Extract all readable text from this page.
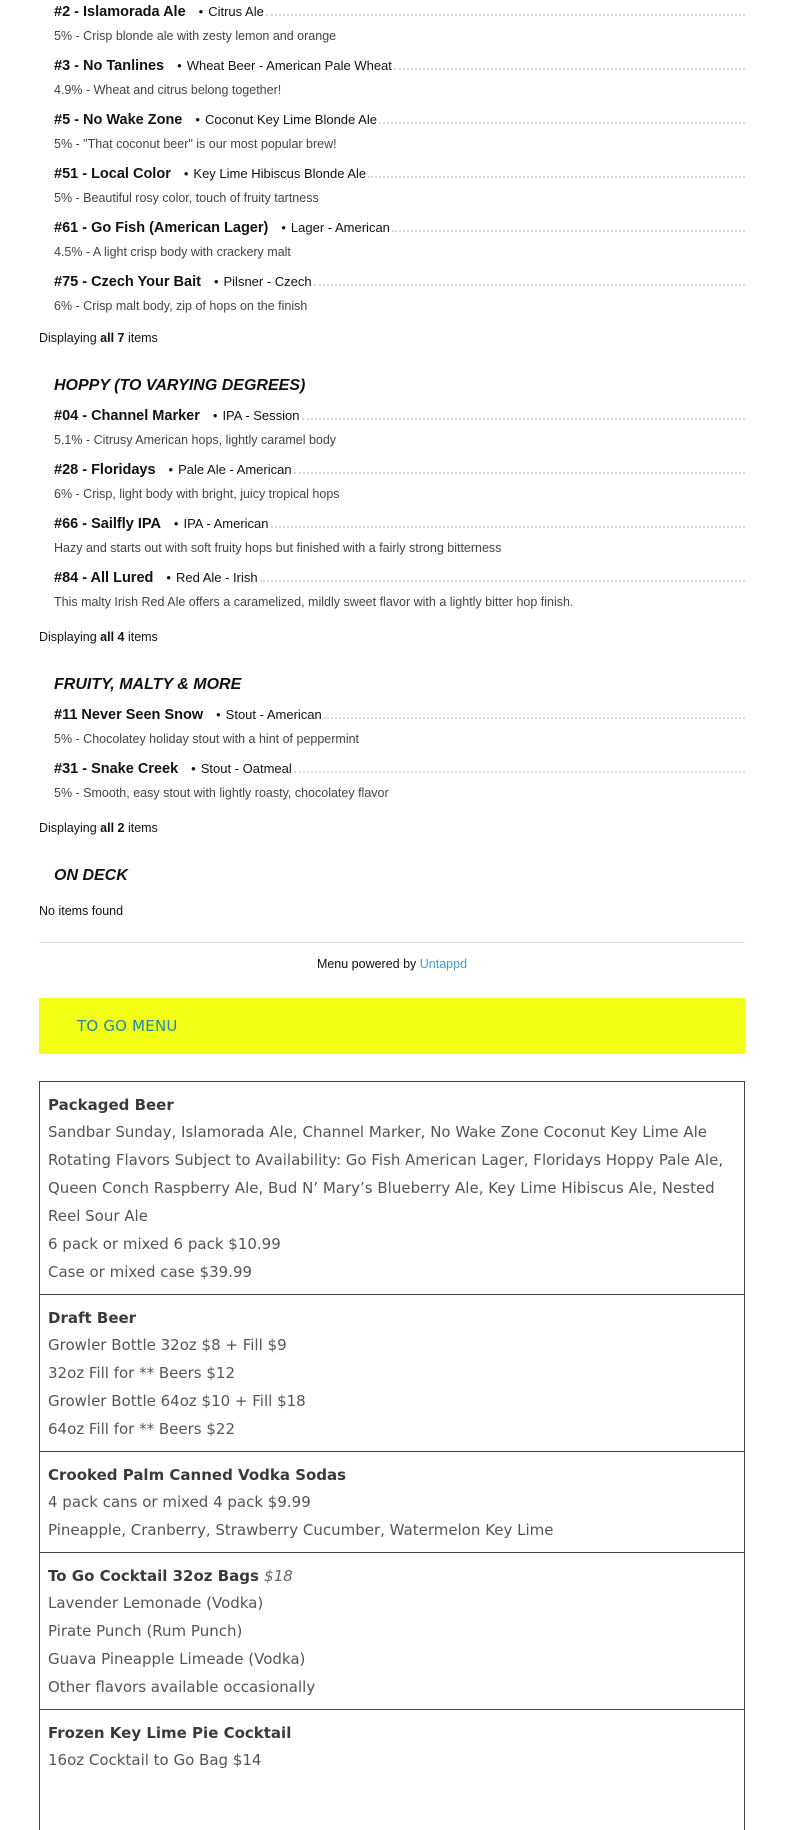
#2 - Islamorada Ale • Citrus Ale
5% - Crisp blonde ale with zesty lemon and orange
#3 - No Tanlines • Wheat Beer - American Pale Wheat
4.9% - Wheat and citrus belong together!
#5 - No Wake Zone • Coconut Key Lime Blonde Ale
5% - "That coconut beer" is our most popular brew!
#51 - Local Color • Key Lime Hibiscus Blonde Ale
5% - Beautiful rosy color, touch of fruity tartness
#61 - Go Fish (American Lager) • Lager - American
4.5% - A light crisp body with crackery malt
#75 - Czech Your Bait • Pilsner - Czech
6% - Crisp malt body, zip of hops on the finish
Displaying all 7 items
HOPPY (TO VARYING DEGREES)
#04 - Channel Marker • IPA - Session
5.1% - Citrusy American hops, lightly caramel body
#28 - Floridays • Pale Ale - American
6% - Crisp, light body with bright, juicy tropical hops
#66 - Sailfly IPA • IPA - American
Hazy and starts out with soft fruity hops but finished with a fairly strong bitterness
#84 - All Lured • Red Ale - Irish
This malty Irish Red Ale offers a caramelized, mildly sweet flavor with a lightly bitter hop finish.
Displaying all 4 items
FRUITY, MALTY & MORE
#11 Never Seen Snow • Stout - American
5% - Chocolatey holiday stout with a hint of peppermint
#31 - Snake Creek • Stout - Oatmeal
5% - Smooth, easy stout with lightly roasty, chocolatey flavor
Displaying all 2 items
ON DECK
No items found
Menu powered by Untappd
TO GO MENU
Packaged Beer
Sandbar Sunday, Islamorada Ale, Channel Marker, No Wake Zone Coconut Key Lime Ale
Rotating Flavors Subject to Availability: Go Fish American Lager, Floridays Hoppy Pale Ale, Queen Conch Raspberry Ale, Bud N’ Mary’s Blueberry Ale, Key Lime Hibiscus Ale, Nested Reel Sour Ale
6 pack or mixed 6 pack $10.99
Case or mixed case $39.99
Draft Beer
Growler Bottle 32oz $8 + Fill $9
32oz Fill for ** Beers $12
Growler Bottle 64oz $10 + Fill $18
64oz Fill for ** Beers $22
Crooked Palm Canned Vodka Sodas
4 pack cans or mixed 4 pack $9.99
Pineapple, Cranberry, Strawberry Cucumber, Watermelon Key Lime
To Go Cocktail 32oz Bags $18
Lavender Lemonade (Vodka)
Pirate Punch (Rum Punch)
Guava Pineapple Limeade (Vodka)
Other flavors available occasionally
Frozen Key Lime Pie Cocktail
16oz Cocktail to Go Bag $14
